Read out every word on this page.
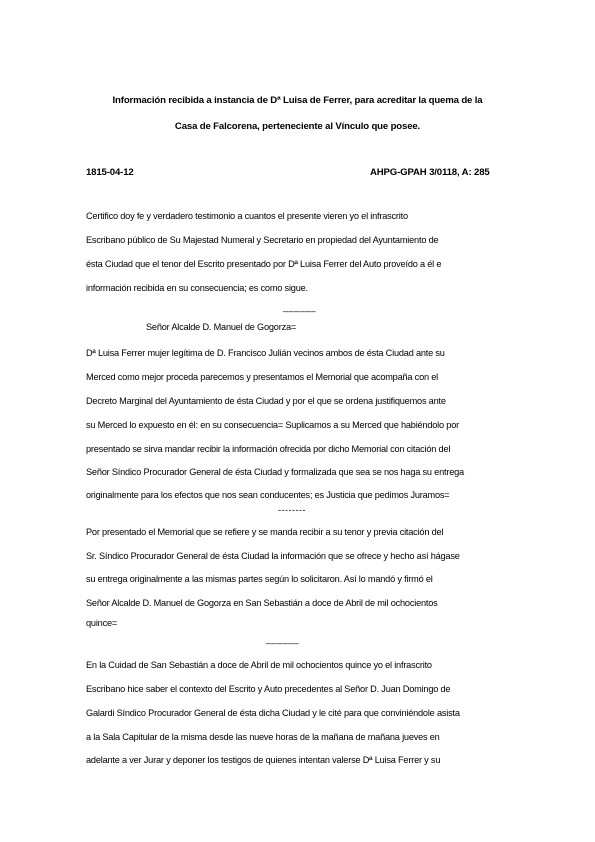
Información recibida a instancia de Dª Luisa de Ferrer, para acreditar la quema de la
Casa de Falcorena, perteneciente al Vínculo que posee.
1815-04-12	AHPG-GPAH 3/0118, A: 285
Certifico doy fe y verdadero testimonio a cuantos el presente vieren yo el infrascrito
Escribano público de Su Majestad Numeral y Secretario en propiedad del Ayuntamiento de
ésta Ciudad que el tenor del Escrito presentado por Dª Luisa Ferrer del Auto proveído a él e
información recibida en su consecuencia; es como sigue.
______
Señor Alcalde D. Manuel de Gogorza=
Dª Luisa Ferrer mujer legítima de D. Francisco Julián vecinos ambos de ésta Ciudad ante su
Merced como mejor proceda parecemos y presentamos el Memorial que acompaña con el
Decreto Marginal del Ayuntamiento de ésta Ciudad y por el que se ordena justifiquemos ante
su Merced lo expuesto en él: en su consecuencia= Suplicamos a su Merced que habiéndolo por
presentado se sirva mandar recibir la información ofrecida por dicho Memorial con citación del
Señor Síndico Procurador General de ésta Ciudad y formalizada que sea se nos haga su entrega
originalmente para los efectos que nos sean conducentes; es Justicia que pedimos Juramos=
--------
Por presentado el Memorial que se refiere y se manda recibir a su tenor y previa citación del
Sr. Síndico Procurador General de ésta Ciudad la información que se ofrece y hecho así hágase
su entrega originalmente a las mismas partes según lo solicitaron. Así lo mandó y firmó el
Señor Alcalde D. Manuel de Gogorza en San Sebastián a doce de Abril de mil ochocientos
quince=
______
En la Cuidad de San Sebastián a doce de Abril de mil ochocientos quince yo el infrascrito
Escribano hice saber el contexto del Escrito y Auto precedentes al Señor D. Juan Domingo de
Galardi Síndico Procurador General de ésta dicha Ciudad y le cité para que conviniéndole asista
a la Sala Capitular de la misma desde las nueve horas de la mañana de mañana jueves en
adelante a ver Jurar y deponer los testigos de quienes intentan valerse Dª Luisa Ferrer y su
